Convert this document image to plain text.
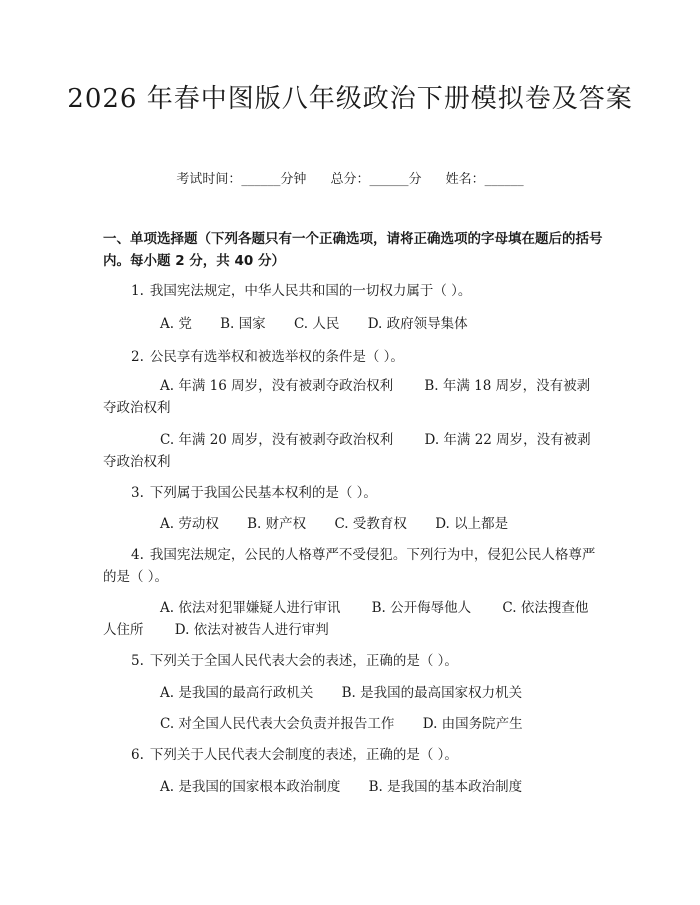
2026 年春中图版八年级政治下册模拟卷及答案
考试时间：______分钟 总分：______分 姓名：______
一、单项选择题（下列各题只有一个正确选项，请将正确选项的字母填在题后的括号内。每小题 2 分，共 40 分）
1. 我国宪法规定，中华人民共和国的一切权力属于（ ）。
A. 党 B. 国家 C. 人民 D. 政府领导集体
2. 公民享有选举权和被选举权的条件是（ ）。
A. 年满 16 周岁，没有被剥夺政治权利　　 B. 年满 18 周岁，没有被剥夺政治权利
C. 年满 20 周岁，没有被剥夺政治权利　　 D. 年满 22 周岁，没有被剥夺政治权利
3. 下列属于我国公民基本权利的是（ ）。
A. 劳动权 B. 财产权 C. 受教育权 D. 以上都是
4. 我国宪法规定，公民的人格尊严不受侵犯。下列行为中，侵犯公民人格尊严的是（ ）。
A. 依法对犯罪嫌疑人进行审讯　　 B. 公开侮辱他人　　 C. 依法搜查他人住所　　 D. 依法对被告人进行审判
5. 下列关于全国人民代表大会的表述，正确的是（ ）。
A. 是我国的最高行政机关 B. 是我国的最高国家权力机关
C. 对全国人民代表大会负责并报告工作 D. 由国务院产生
6. 下列关于人民代表大会制度的表述，正确的是（ ）。
A. 是我国的国家根本政治制度 B. 是我国的基本政治制度
